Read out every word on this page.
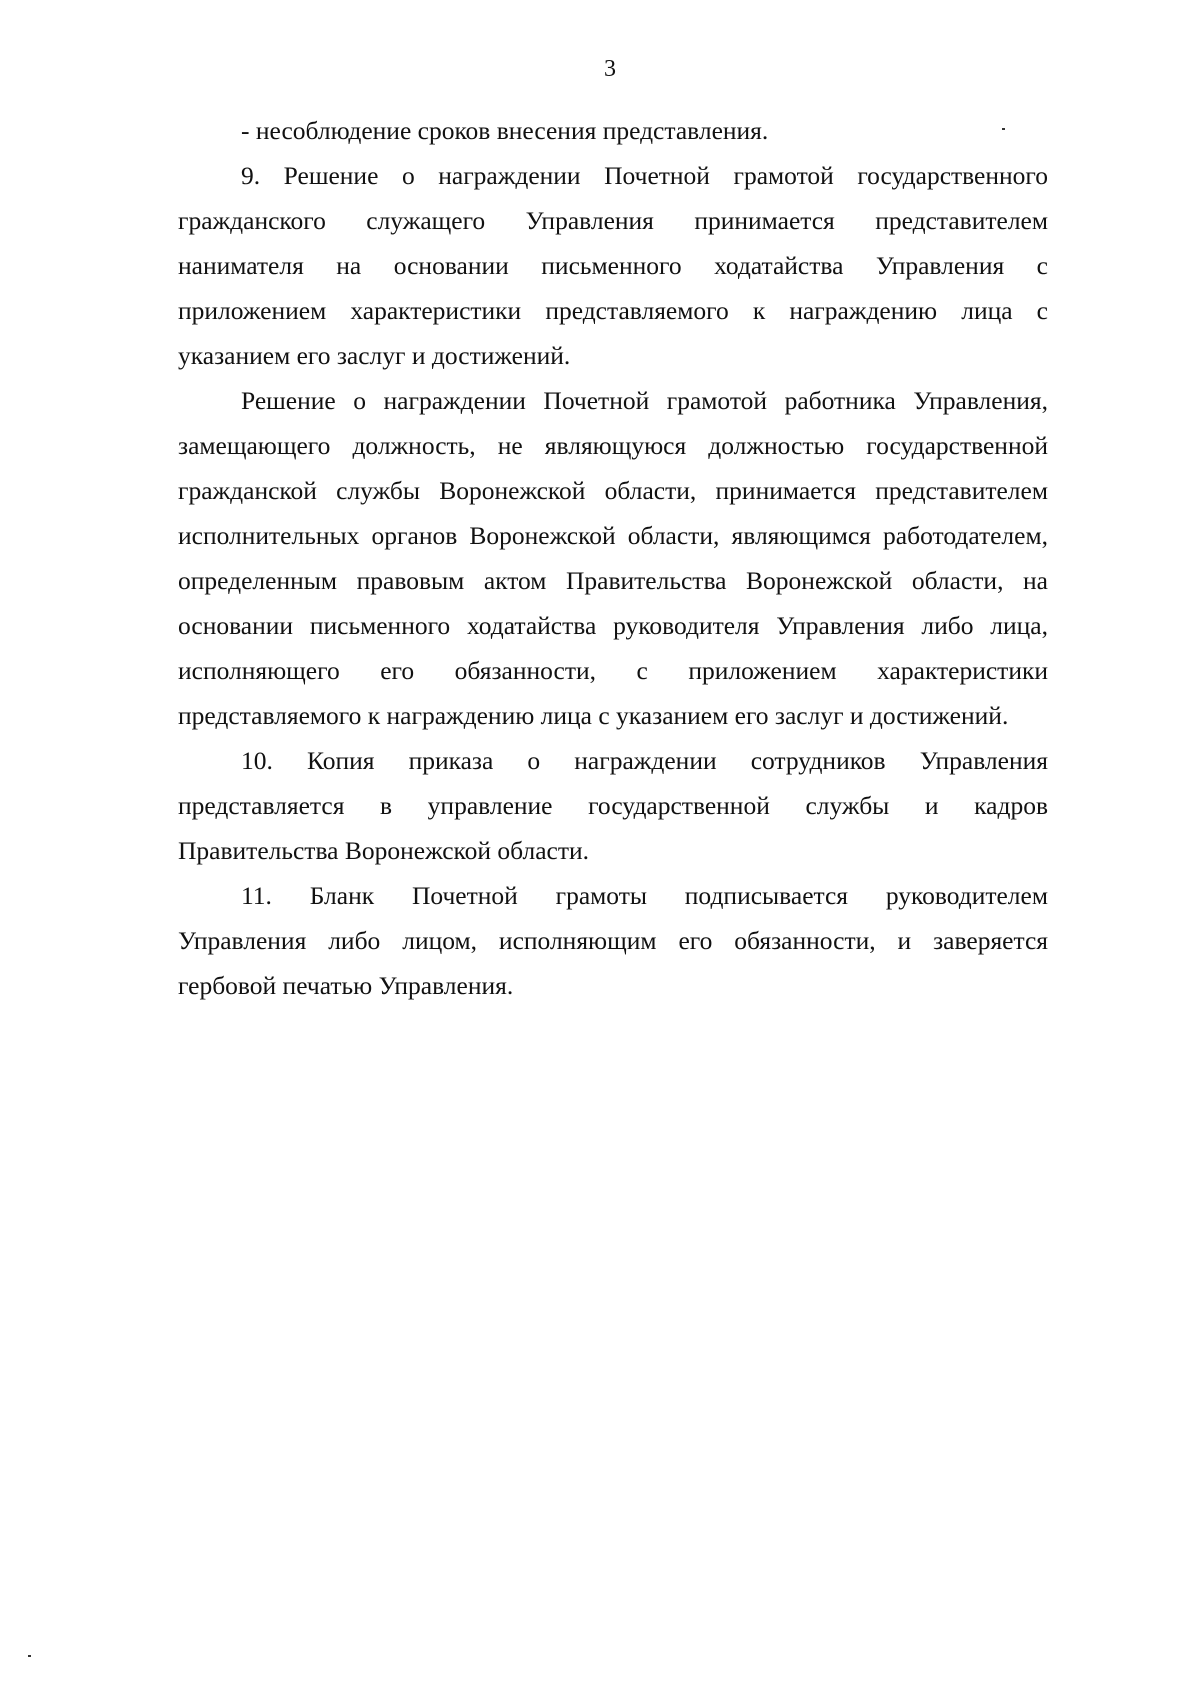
3
- несоблюдение сроков внесения представления.
9. Решение о награждении Почетной грамотой государственного
гражданского служащего Управления принимается представителем
нанимателя на основании письменного ходатайства Управления с
приложением характеристики представляемого к награждению лица с
указанием его заслуг и достижений.
Решение о награждении Почетной грамотой работника Управления,
замещающего должность, не являющуюся должностью государственной
гражданской службы Воронежской области, принимается представителем
исполнительных органов Воронежской области, являющимся работодателем,
определенным правовым актом Правительства Воронежской области, на
основании письменного ходатайства руководителя Управления либо лица,
исполняющего его обязанности, с приложением характеристики
представляемого к награждению лица с указанием его заслуг и достижений.
10. Копия приказа о награждении сотрудников Управления
представляется в управление государственной службы и кадров
Правительства Воронежской области.
11. Бланк Почетной грамоты подписывается руководителем
Управления либо лицом, исполняющим его обязанности, и заверяется
гербовой печатью Управления.
